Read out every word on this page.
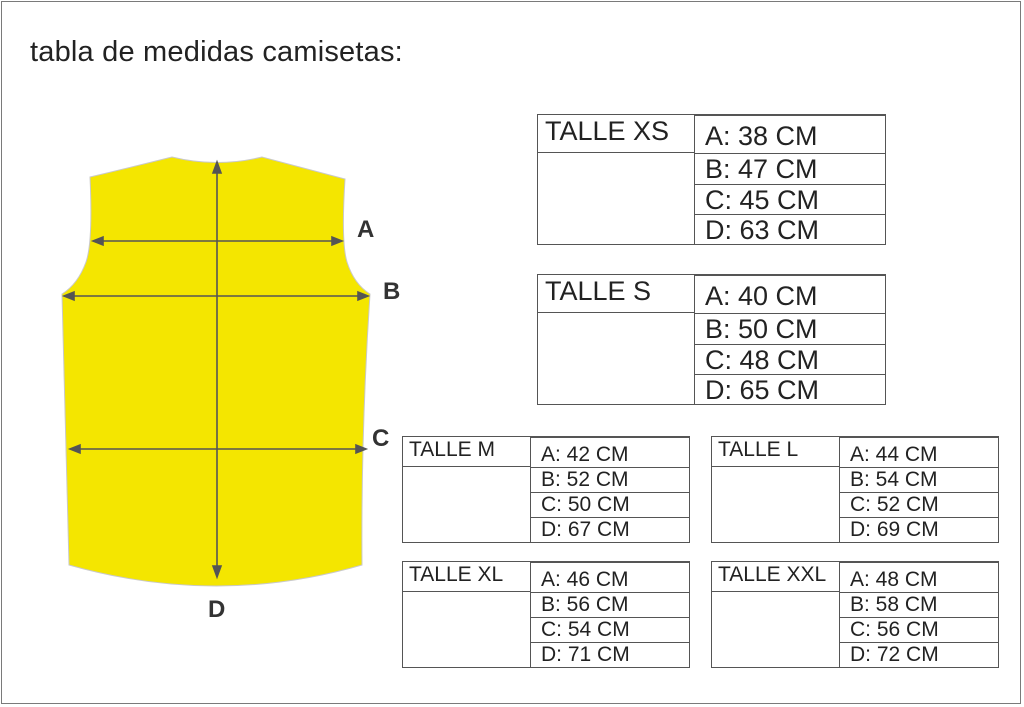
tabla de medidas camisetas:
A
B
C
D
TALLE XS A: 38 CM
B: 47 CM
C: 45 CM
D: 63 CM
TALLE S A: 40 CM
B: 50 CM
C: 48 CM
D: 65 CM
TALLE M A: 42 CM
B: 52 CM
C: 50 CM
D: 67 CM
TALLE L A: 44 CM
B: 54 CM
C: 52 CM
D: 69 CM
TALLE XL A: 46 CM
B: 56 CM
C: 54 CM
D: 71 CM
TALLE XXL A: 48 CM
B: 58 CM
C: 56 CM
D: 72 CM
